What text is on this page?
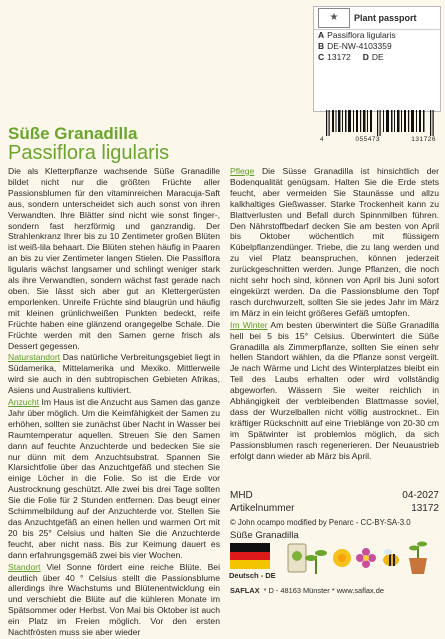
★	Plant passport
A Passiflora ligularis
B DE-NW-4103359
C 13172 D DE
4	055473	131726
Süße Granadilla
Passiflora ligularis

Die als Kletterpflanze wachsende Süße Granadille bildet nicht nur die größten Früchte aller Passionsblumen für den vitaminreichen Maracuja-Saft aus, sondern unterscheidet sich auch sonst von ihren Verwandten. Ihre Blätter sind nicht wie sonst finger-, sondern fast herzförmig und ganzrandig. Der Strahlenkranz Ihrer bis zu 10 Zentimeter großen Blüten ist weiß-lila behaart. Die Blüten stehen häufig in Paaren an bis zu vier Zentimeter langen Stielen. Die Passiflora ligularis wächst langsamer und schlingt weniger stark als ihre Verwandten, sondern wächst fast gerade nach oben. Sie lässt sich aber gut an Klettergerüsten emporlenken. Unreife Früchte sind blaugrün und häufig mit kleinen grünlichweißen Punkten bedeckt, reife Früchte haben eine glänzend orangegelbe Schale. Die Früchte werden mit den Samen gerne frisch als Dessert gegessen.

Naturstandort Das natürliche Verbreitungsgebiet liegt in Südamerika, Mittelamerika und Mexiko. Mittlerweile wird sie auch in den subtropischen Gebieten Afrikas, Asiens und Australiens kultiviert.

Anzucht Im Haus ist die Anzucht aus Samen das ganze Jahr über möglich. Um die Keimfähigkeit der Samen zu erhöhen, sollten sie zunächst über Nacht in Wasser bei Raumtemperatur aquellen. Streuen Sie den Samen dann auf feuchte Anzuchterde und bedecken Sie sie nur dünn mit dem Anzuchtsubstrat. Spannen Sie Klarsichtfolie über das Anzuchtgefäß und stechen Sie einige Löcher in die Folie. So ist die Erde vor Austrocknung geschützt. Alle zwei bis drei Tage sollten Sie die Folie für 2 Stunden entfernen. Das beugt einer Schimmelbildung auf der Anzuchterde vor. Stellen Sie das Anzuchtgefäß an einen hellen und warmen Ort mit 20 bis 25° Celsius und halten Sie die Anzuchterde feucht, aber nicht nass. Bis zur Keimung dauert es dann erfahrungsgemäß zwei bis vier Wochen.

Standort Viel Sonne fördert eine reiche Blüte. Bei deutlich über 40 ° Celsius stellt die Passionsblume allerdings ihre Wachstums und Blütenentwicklung ein und verschiebt die Blüte auf die kühleren Monate im Spätsommer oder Herbst. Von Mai bis Oktober ist auch ein Platz im Freien möglich. Vor den ersten Nachtfrösten muss sie aber wieder

Pflege Die Süsse Granadilla ist hinsichtlich der Bodenqualität genügsam. Halten Sie die Erde stets feucht, aber vermeiden Sie Staunässe und allzu kalkhaltiges Gießwasser. Starke Trockenheit kann zu Blattverlusten und Befall durch Spinnmilben führen. Den Nährstoffbedarf decken Sie am besten von April bis Oktober wöchentlich mit flüssigem Kübelpflanzendünger. Triebe, die zu lang werden und zu viel Platz beanspruchen, können jederzeit zurückgeschnitten werden. Junge Pflanzen, die noch nicht sehr hoch sind, können von April bis Juni sofort eingekürzt werden. Da die Passionsblume den Topf rasch durchwurzelt, sollten Sie sie jedes Jahr im März im März in ein leicht größeres Gefäß umtopfen.

Im Winter Am besten überwintert die Süße Granadilla hell bei 5 bis 15° Celsius. Überwintert die Süße Granadilla als Zimmerpflanze, sollten Sie einen sehr hellen Standort wählen, da die Pflanze sonst vergeilt. Je nach Wärme und Licht des Winterplatzes bleibt ein Teil des Laubs erhalten oder wird vollständig abgeworfen. Wässern Sie weiter reichlich in Abhängigkeit der verbleibenden Blattmasse soviel, dass der Wurzelballen nicht völlig austrocknet.. Ein kräftiger Rückschnitt auf eine Trieblänge von 20-30 cm im Spätwinter ist problemlos möglich, da sich Passionsblumen rasch regenerieren. Der Neuaustrieb erfolgt dann wieder ab März bis April.

MHD	04-2027
Artikelnummer	13172
© John ocampo modified by Penarc - CC-BY-SA-3.0
Süße Granadilla
Deutsch - DE
SAFLAX * D - 48163 Münster * www.saflax.de
